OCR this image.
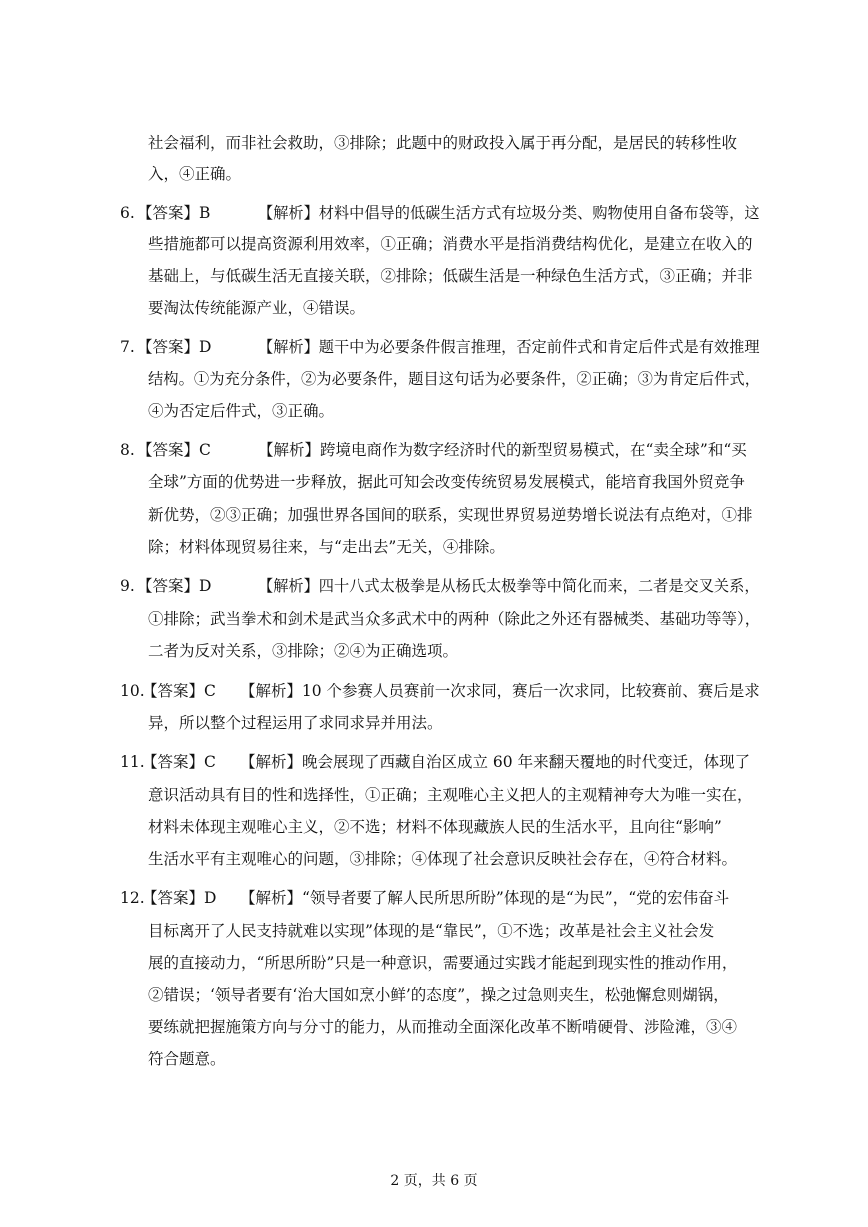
社会福利，而非社会救助，③排除；此题中的财政投入属于再分配，是居民的转移性收
入，④正确。
6. 【答案】B	【解析】材料中倡导的低碳生活方式有垃圾分类、购物使用自备布袋等，这
些措施都可以提高资源利用效率，①正确；消费水平是指消费结构优化，是建立在收入的
基础上，与低碳生活无直接关联，②排除；低碳生活是一种绿色生活方式，③正确；并非
要淘汰传统能源产业，④错误。
7. 【答案】D	【解析】题干中为必要条件假言推理，否定前件式和肯定后件式是有效推理
结构。①为充分条件，②为必要条件，题目这句话为必要条件，②正确；③为肯定后件式，
④为否定后件式，③正确。
8. 【答案】C	【解析】跨境电商作为数字经济时代的新型贸易模式，在“卖全球”和“买
全球”方面的优势进一步释放，据此可知会改变传统贸易发展模式，能培育我国外贸竞争
新优势，②③正确；加强世界各国间的联系，实现世界贸易逆势增长说法有点绝对，①排
除；材料体现贸易往来，与“走出去”无关，④排除。
9. 【答案】D	【解析】四十八式太极拳是从杨氏太极拳等中简化而来，二者是交叉关系，
①排除；武当拳术和剑术是武当众多武术中的两种（除此之外还有器械类、基础功等等），
二者为反对关系，③排除；②④为正确选项。
10.
【答案】C 【解析】10 个参赛人员赛前一次求同，赛后一次求同，比较赛前、赛后是求
异，所以整个过程运用了求同求异并用法。
11.
【答案】C 【解析】晚会展现了西藏自治区成立 60 年来翻天覆地的时代变迁，体现了
意识活动具有目的性和选择性，①正确；主观唯心主义把人的主观精神夸大为唯一实在，
材料未体现主观唯心主义，②不选；材料不体现藏族人民的生活水平，且向往“影响”
生活水平有主观唯心的问题，③排除；④体现了社会意识反映社会存在，④符合材料。
12.
【答案】D 【解析】“领导者要了解人民所思所盼”体现的是“为民”，“党的宏伟奋斗
目标离开了人民支持就难以实现”体现的是“靠民”，①不选；改革是社会主义社会发
展的直接动力，“所思所盼”只是一种意识，需要通过实践才能起到现实性的推动作用，
②错误；‘领导者要有‘治大国如烹小鲜’的态度”，操之过急则夹生，松弛懈怠则煳锅，
要练就把握施策方向与分寸的能力，从而推动全面深化改革不断啃硬骨、涉险滩，③④
符合题意。
2 页，共 6 页
